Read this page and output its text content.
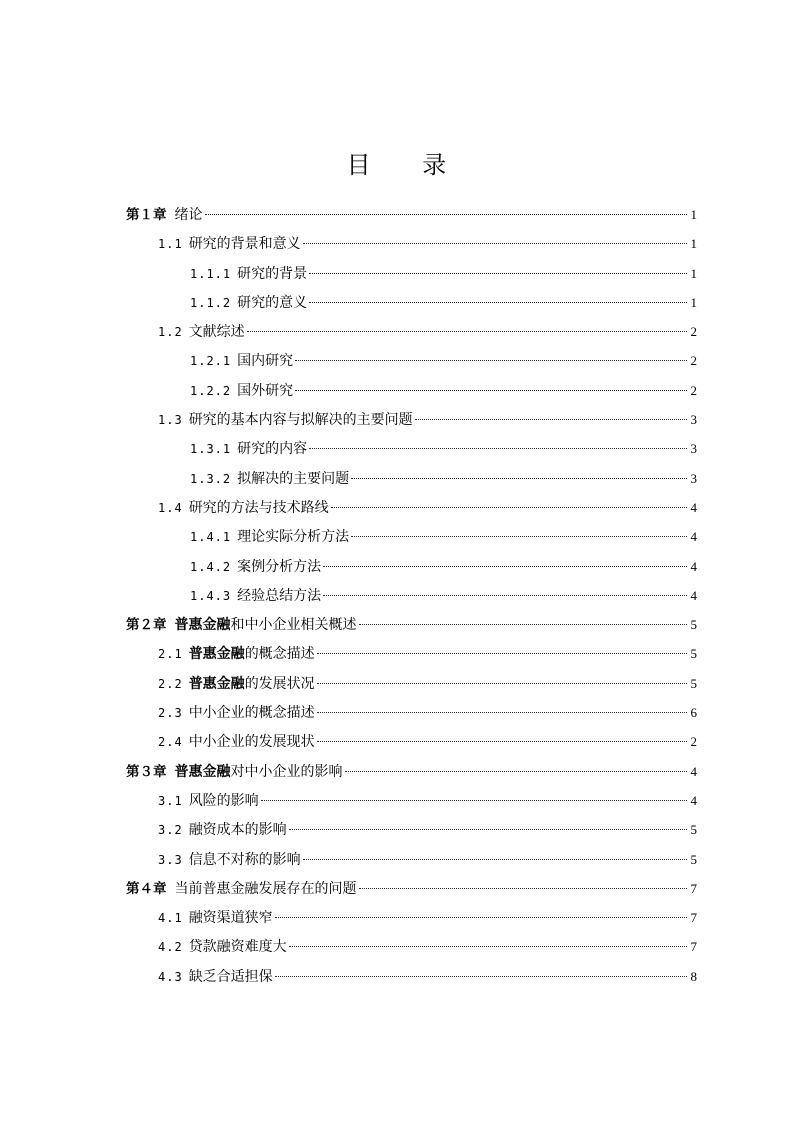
目 录
第１章 绪论	1
1.1 研究的背景和意义	1
1.1.1 研究的背景	1
1.1.2 研究的意义	1
1.2 文献综述	2
1.2.1 国内研究	2
1.2.2 国外研究	2
1.3 研究的基本内容与拟解决的主要问题	3
1.3.1 研究的内容	3
1.3.2 拟解决的主要问题	3
1.4 研究的方法与技术路线	4
1.4.1 理论实际分析方法	4
1.4.2 案例分析方法	4
1.4.3 经验总结方法	4
第２章 普惠金融 和中小企业相关概述	5
2.1 普惠金融 的概念描述	5
2.2 普惠金融 的发展状况	5
2.3 中小企业的概念描述	6
2.4 中小企业的发展现状	2
第３章 普惠金融 对中小企业的影响	4
3.1 风险的影响	4
3.2 融资成本的影响	5
3.3 信息不对称的影响	5
第４章 当前普惠金融发展存在的问题	7
4.1 融资渠道狭窄	7
4.2 贷款融资难度大	7
4.3 缺乏合适担保	8
